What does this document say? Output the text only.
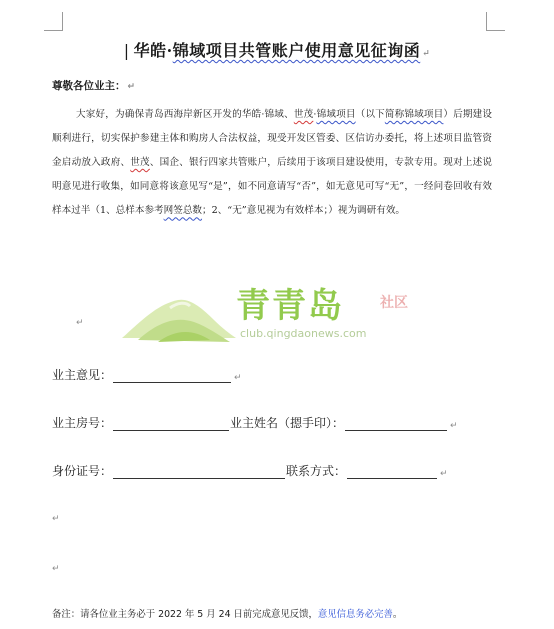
| 华皓·锦域项目共管账户使用意见征询函 ↵
尊敬各位业主： ↵

大家好，为确保青岛西海岸新区开发的华皓·锦域、世茂·锦域项目（以下简称锦域项目）后期建设顺利进行，切实保护参建主体和购房人合法权益，现受开发区管委、区信访办委托，将上述项目监管资金启动放入政府、世茂、国企、银行四家共管账户，后续用于该项目建设使用，专款专用。现对上述说明意见进行收集，如同意将该意见写“是”，如不同意请写“否”，如无意见可写“无”，一经问卷回收有效样本过半（1、总样本参考网签总数；2、“无”意见视为有效样本；）视为调研有效。

↵	青青岛	社区
club.qingdaonews.com
业主意见：	↵
业主房号：	业主姓名（摁手印）：	↵
身份证号：	联系方式：	↵
↵
↵
备注：请各位业主务必于 2022 年 5 月 24 日前完成意见反馈，意见信息务必完善。
